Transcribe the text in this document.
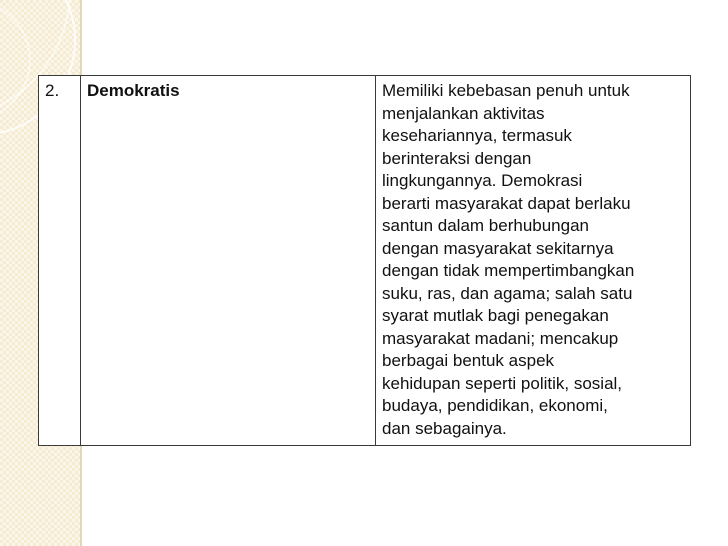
2.	Demokratis	Memiliki kebebasan penuh untuk
menjalankan aktivitas
kesehariannya, termasuk
berinteraksi dengan
lingkungannya. Demokrasi
berarti masyarakat dapat berlaku
santun dalam berhubungan
dengan masyarakat sekitarnya
dengan tidak mempertimbangkan
suku, ras, dan agama; salah satu
syarat mutlak bagi penegakan
masyarakat madani; mencakup
berbagai bentuk aspek
kehidupan seperti politik, sosial,
budaya, pendidikan, ekonomi,
dan sebagainya.
